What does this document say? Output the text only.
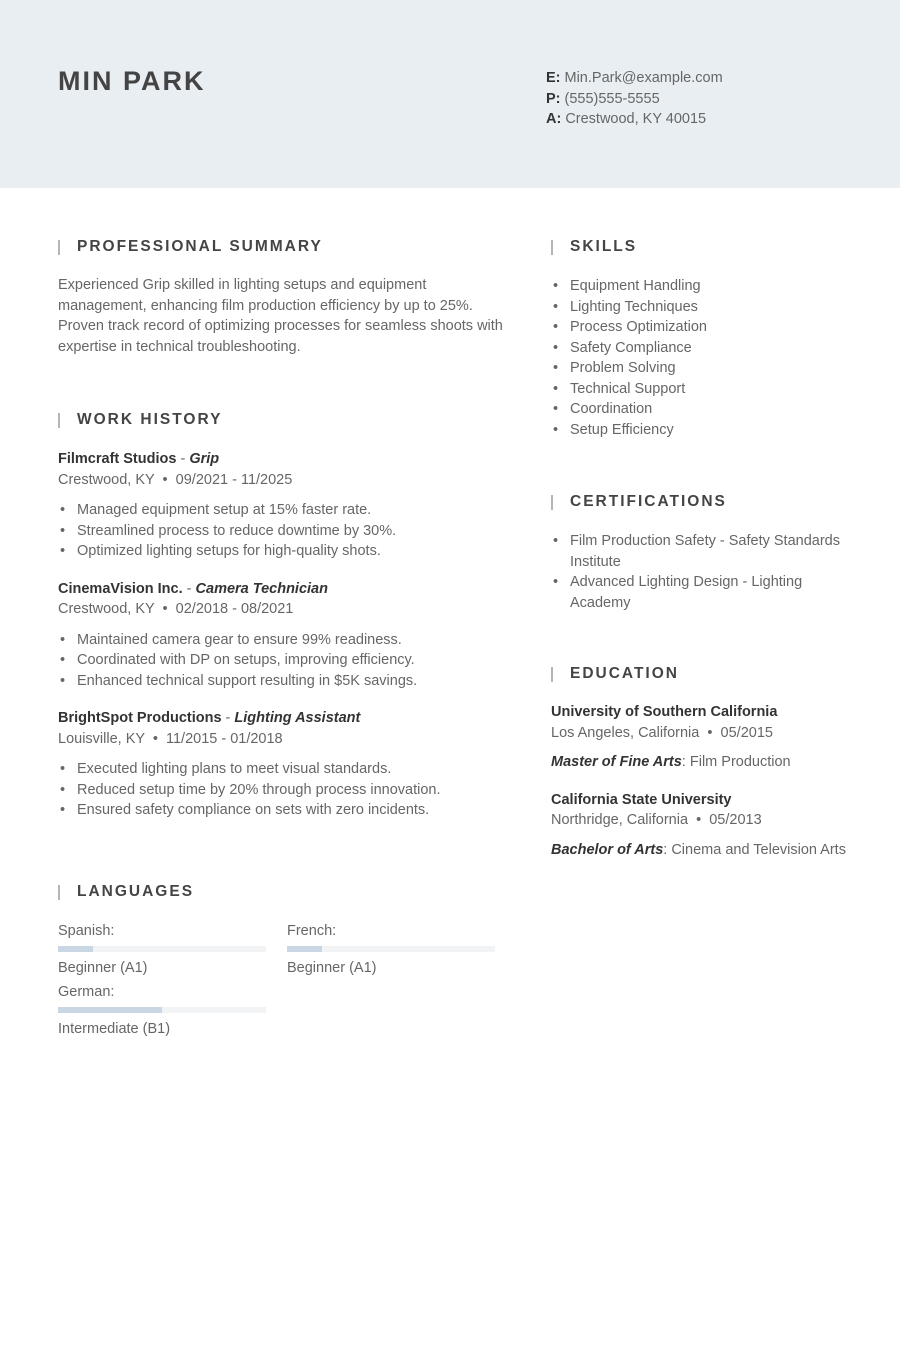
MIN PARK	E: Min.Park@example.com
P: (555)555-5555
A: Crestwood, KY 40015
PROFESSIONAL SUMMARY

Experienced Grip skilled in lighting setups and equipment management, enhancing film production efficiency by up to 25%. Proven track record of optimizing processes for seamless shoots with expertise in technical troubleshooting.

WORK HISTORY
Filmcraft Studios - Grip
Crestwood, KY  •  09/2021 - 11/2025
• Managed equipment setup at 15% faster rate.
• Streamlined process to reduce downtime by 30%.
• Optimized lighting setups for high-quality shots.
CinemaVision Inc. - Camera Technician
Crestwood, KY  •  02/2018 - 08/2021
• Maintained camera gear to ensure 99% readiness.
• Coordinated with DP on setups, improving efficiency.
• Enhanced technical support resulting in $5K savings.
BrightSpot Productions - Lighting Assistant
Louisville, KY  •  11/2015 - 01/2018
• Executed lighting plans to meet visual standards.
• Reduced setup time by 20% through process innovation.
• Ensured safety compliance on sets with zero incidents.
LANGUAGES
Spanish:
Beginner (A1)
French:
Beginner (A1)
German:
Intermediate (B1)
SKILLS
• Equipment Handling
• Lighting Techniques
• Process Optimization
• Safety Compliance
• Problem Solving
• Technical Support
• Coordination
• Setup Efficiency
CERTIFICATIONS
• Film Production Safety - Safety Standards Institute
• Advanced Lighting Design - Lighting Academy
EDUCATION
University of Southern California
Los Angeles, California  •  05/2015
Master of Fine Arts: Film Production
California State University
Northridge, California  •  05/2013
Bachelor of Arts: Cinema and Television Arts
